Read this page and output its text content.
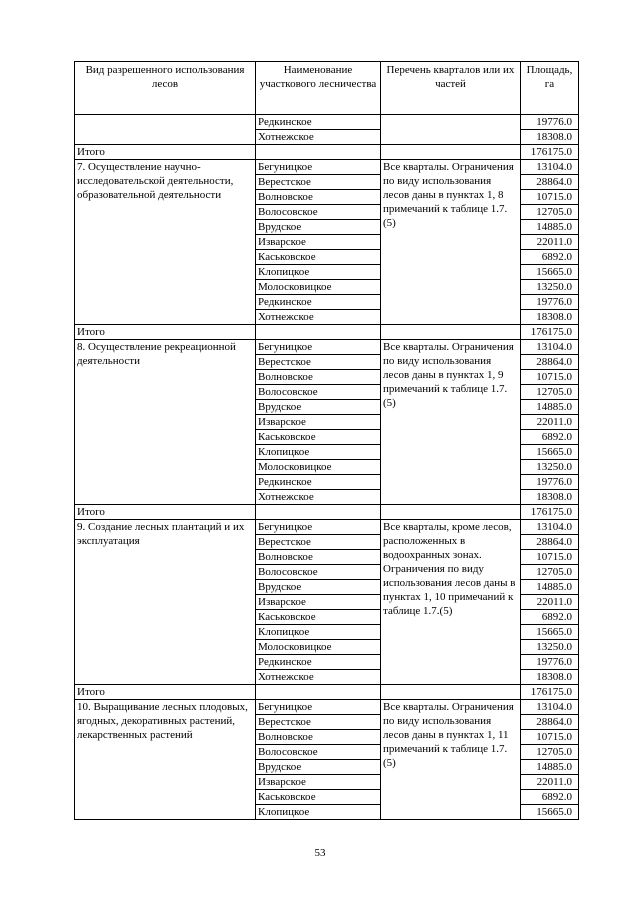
Вид разрешенного использования лесов	Наименование участкового лесничества	Перечень кварталов или их частей	Площадь, га
	Редкинское		19776.0
	Хотнежское		18308.0
Итого			176175.0
7. Осуществление научно-исследовательской деятельности, образовательной деятельности	Бегуницкое	Все кварталы. Ограничения по виду использования лесов даны в пунктах 1, 8 примечаний к таблице 1.7.(5)	13104.0
	Верестское		28864.0
	Волновское		10715.0
	Волосовское		12705.0
	Врудское		14885.0
	Изварское		22011.0
	Каськовское		6892.0
	Клопицкое		15665.0
	Молосковицкое		13250.0
	Редкинское		19776.0
	Хотнежское		18308.0
Итого			176175.0
8. Осуществление рекреационной деятельности	Бегуницкое	Все кварталы. Ограничения по виду использования лесов даны в пунктах 1, 9 примечаний к таблице 1.7.(5)	13104.0
	Верестское		28864.0
	Волновское		10715.0
	Волосовское		12705.0
	Врудское		14885.0
	Изварское		22011.0
	Каськовское		6892.0
	Клопицкое		15665.0
	Молосковицкое		13250.0
	Редкинское		19776.0
	Хотнежское		18308.0
Итого			176175.0
9. Создание лесных плантаций и их эксплуатация	Бегуницкое	Все кварталы, кроме лесов, расположенных в водоохранных зонах. Ограничения по виду использования лесов даны в пунктах 1, 10 примечаний к таблице 1.7.(5)	13104.0
	Верестское		28864.0
	Волновское		10715.0
	Волосовское		12705.0
	Врудское		14885.0
	Изварское		22011.0
	Каськовское		6892.0
	Клопицкое		15665.0
	Молосковицкое		13250.0
	Редкинское		19776.0
	Хотнежское		18308.0
Итого			176175.0
10. Выращивание лесных плодовых, ягодных, декоративных растений, лекарственных растений	Бегуницкое	Все кварталы. Ограничения по виду использования лесов даны в пунктах 1, 11 примечаний к таблице 1.7.(5)	13104.0
	Верестское		28864.0
	Волновское		10715.0
	Волосовское		12705.0
	Врудское		14885.0
	Изварское		22011.0
	Каськовское		6892.0
	Клопицкое		15665.0
53
